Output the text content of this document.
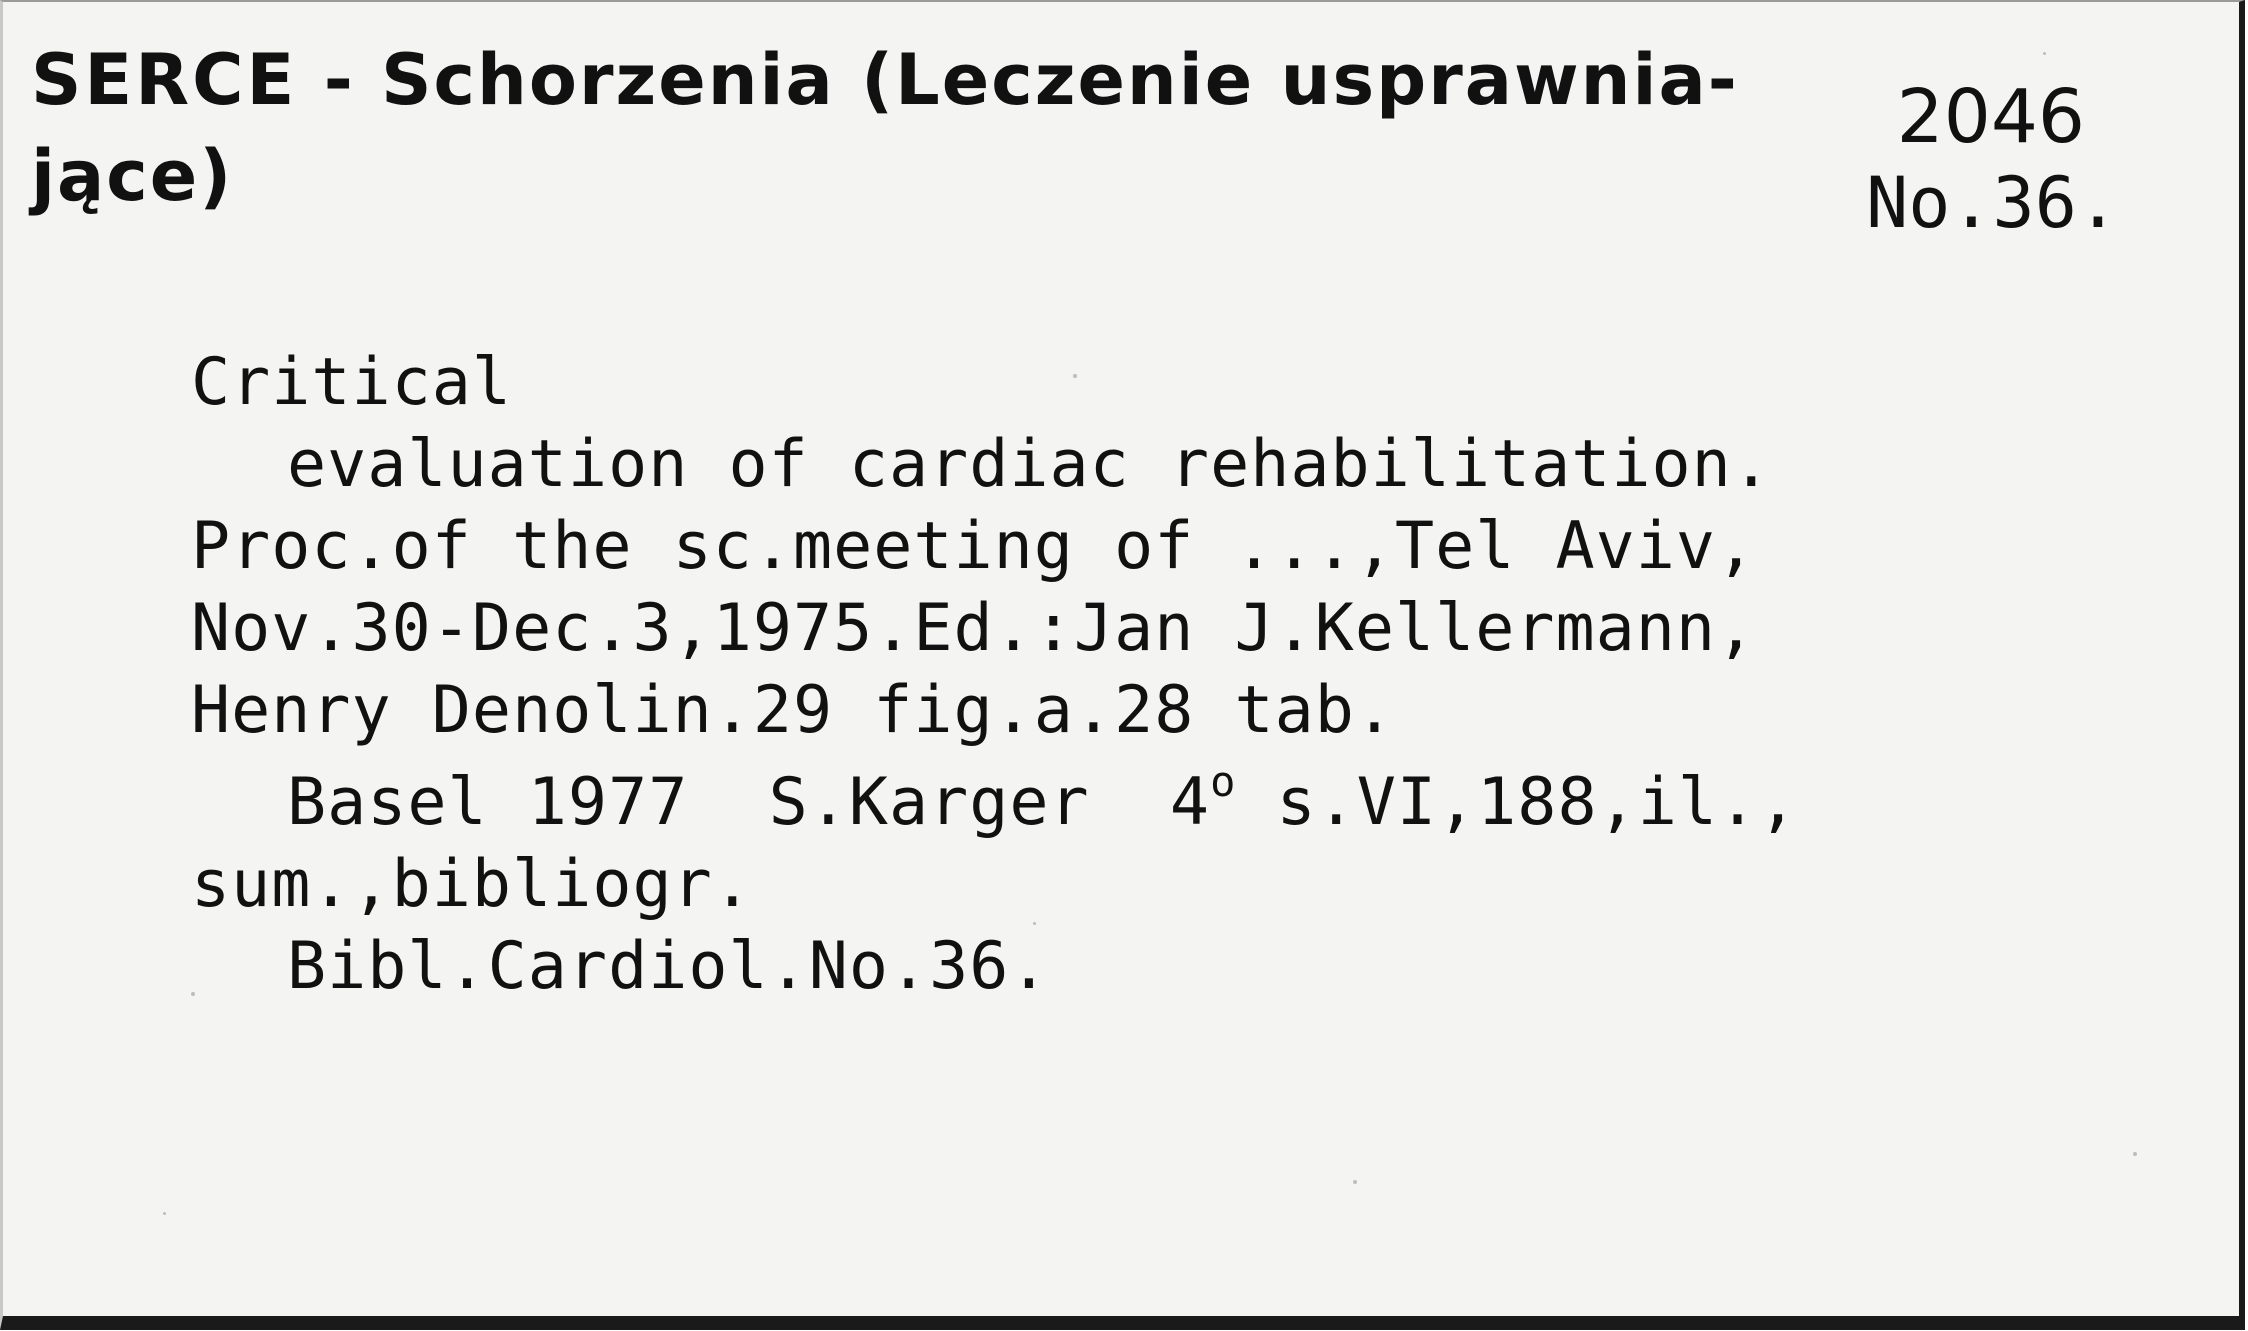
SERCE - Schorzenia (Leczenie usprawnia-
jące)
2046
No.36.
Critical
evaluation of cardiac rehabilitation.
Proc.of the sc.meeting of ...,Tel Aviv,
Nov.30-Dec.3,1975.Ed.:Jan J.Kellermann,
Henry Denolin.29 fig.a.28 tab.
Basel 1977  S.Karger  4$^o$ s.VI,188,il.,
sum.,bibliogr.
Bibl.Cardiol.No.36.
